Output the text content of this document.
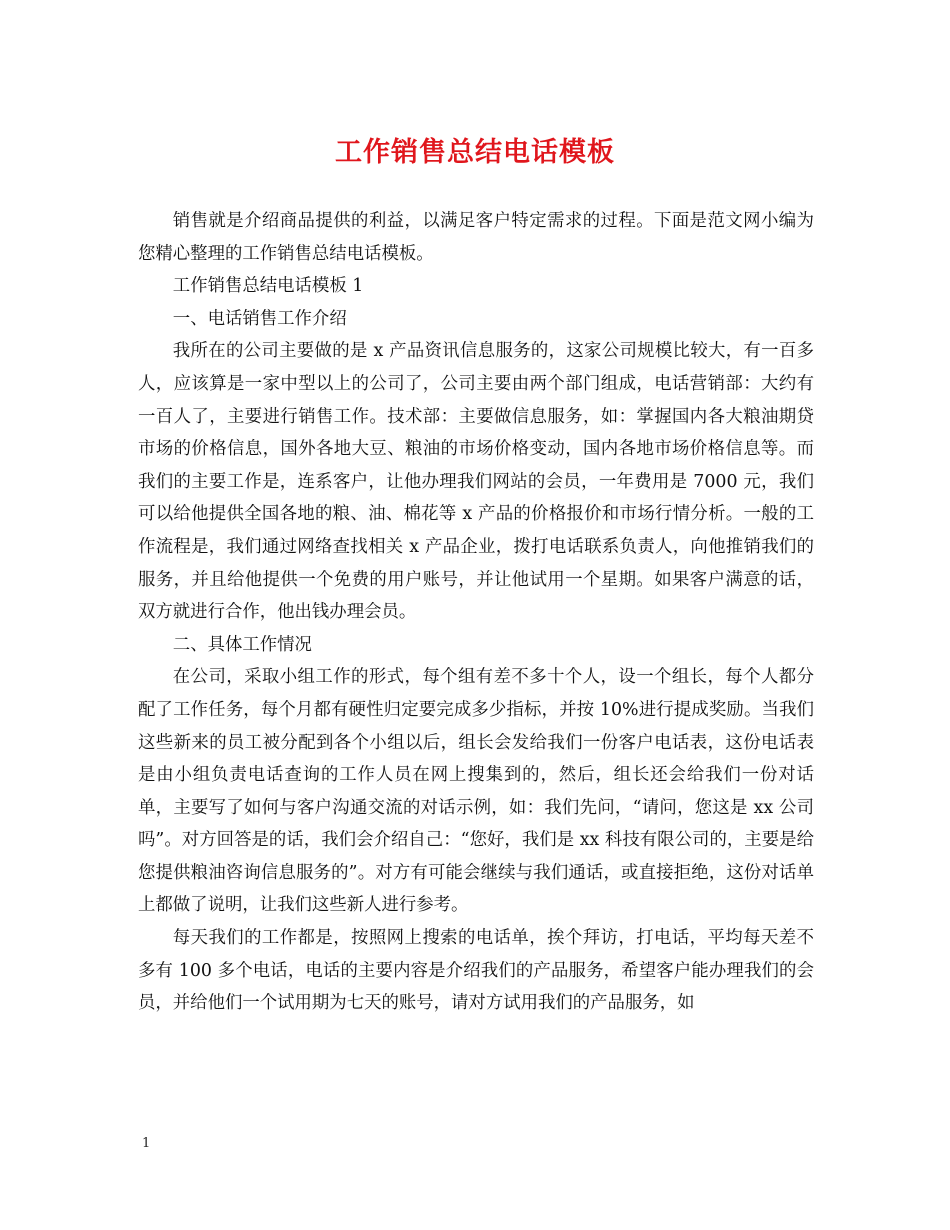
工作销售总结电话模板

销售就是介绍商品提供的利益，以满足客户特定需求的过程。下面是范文网小编为您精心整理的工作销售总结电话模板。

工作销售总结电话模板 1

一、电话销售工作介绍

我所在的公司主要做的是 x 产品资讯信息服务的，这家公司规模比较大，有一百多人，应该算是一家中型以上的公司了，公司主要由两个部门组成，电话营销部：大约有一百人了，主要进行销售工作。技术部：主要做信息服务，如：掌握国内各大粮油期贷市场的价格信息，国外各地大豆、粮油的市场价格变动，国内各地市场价格信息等。而我们的主要工作是，连系客户，让他办理我们网站的会员，一年费用是 7000 元，我们可以给他提供全国各地的粮、油、棉花等 x 产品的价格报价和市场行情分析。一般的工作流程是，我们通过网络查找相关 x 产品企业，拨打电话联系负责人，向他推销我们的服务，并且给他提供一个免费的用户账号，并让他试用一个星期。如果客户满意的话，双方就进行合作，他出钱办理会员。

二、具体工作情况

在公司，采取小组工作的形式，每个组有差不多十个人，设一个组长，每个人都分配了工作任务，每个月都有硬性归定要完成多少指标，并按 10%进行提成奖励。当我们这些新来的员工被分配到各个小组以后，组长会发给我们一份客户电话表，这份电话表是由小组负责电话查询的工作人员在网上搜集到的，然后，组长还会给我们一份对话单，主要写了如何与客户沟通交流的对话示例，如：我们先问，“请问，您这是 xx 公司吗”。对方回答是的话，我们会介绍自己：“您好，我们是 xx 科技有限公司的，主要是给您提供粮油咨询信息服务的”。对方有可能会继续与我们通话，或直接拒绝，这份对话单上都做了说明，让我们这些新人进行参考。

每天我们的工作都是，按照网上搜索的电话单，挨个拜访，打电话，平均每天差不多有 100 多个电话，电话的主要内容是介绍我们的产品服务，希望客户能办理我们的会员，并给他们一个试用期为七天的账号，请对方试用我们的产品服务，如

1
